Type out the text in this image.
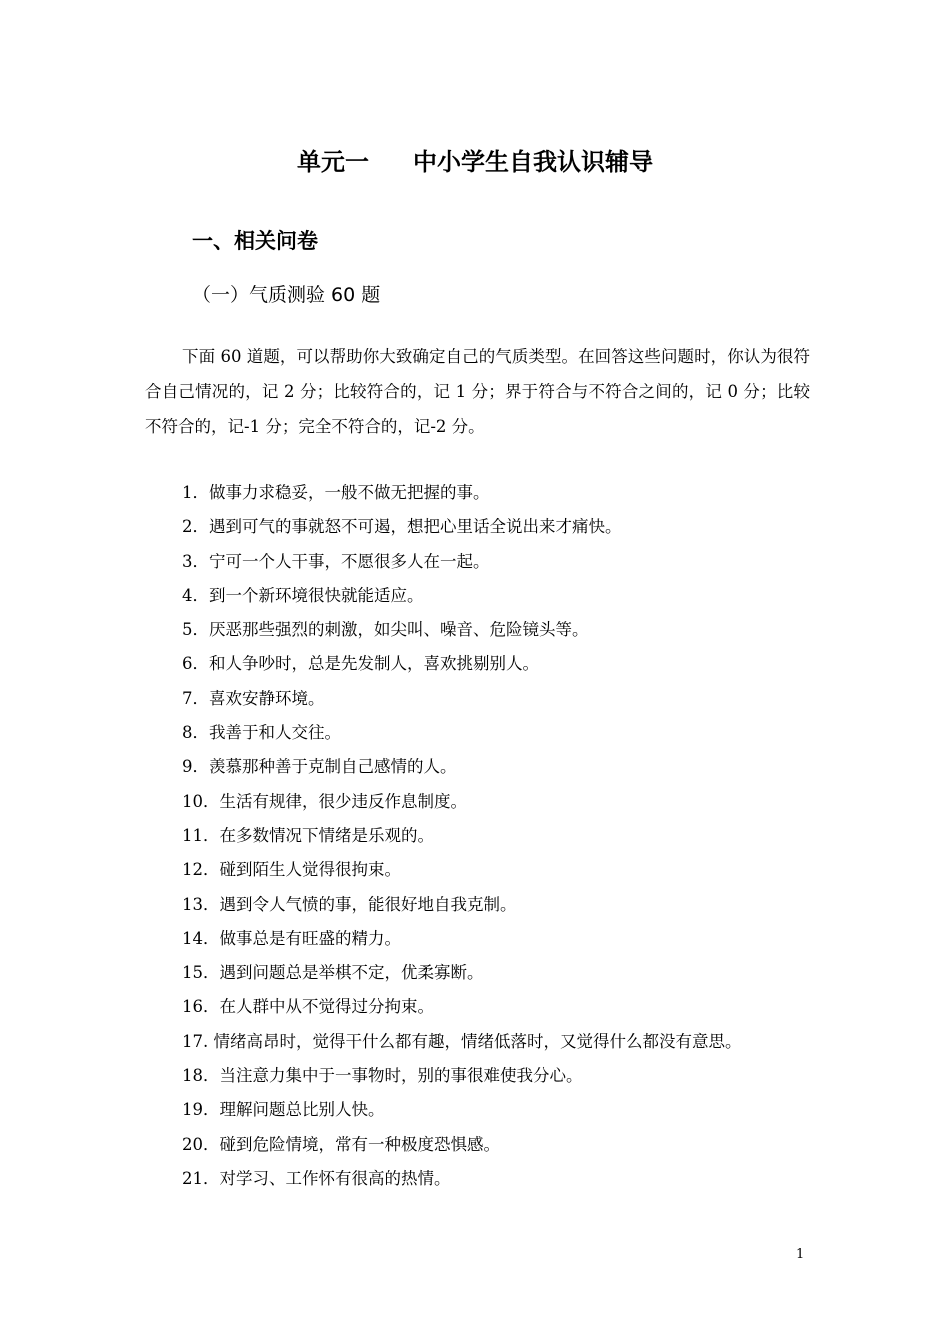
单元一 中小学生自我认识辅导
一、相关问卷
（一）气质测验 60 题

下面 60 道题，可以帮助你大致确定自己的气质类型。在回答这些问题时，你认为很符合自己情况的，记 2 分；比较符合的，记 1 分；界于符合与不符合之间的，记 0 分；比较不符合的，记-1 分；完全不符合的，记-2 分。

1．做事力求稳妥，一般不做无把握的事。
2．遇到可气的事就怒不可遏，想把心里话全说出来才痛快。
3．宁可一个人干事，不愿很多人在一起。
4．到一个新环境很快就能适应。
5．厌恶那些强烈的刺激，如尖叫、噪音、危险镜头等。
6．和人争吵时，总是先发制人，喜欢挑剔别人。
7．喜欢安静环境。
8．我善于和人交往。
9．羡慕那种善于克制自己感情的人。
10．生活有规律，很少违反作息制度。
11．在多数情况下情绪是乐观的。
12．碰到陌生人觉得很拘束。
13．遇到令人气愤的事，能很好地自我克制。
14．做事总是有旺盛的精力。
15．遇到问题总是举棋不定，优柔寡断。
16．在人群中从不觉得过分拘束。
17. 情绪高昂时，觉得干什么都有趣，情绪低落时，又觉得什么都没有意思。
18．当注意力集中于一事物时，别的事很难使我分心。
19．理解问题总比别人快。
20．碰到危险情境，常有一种极度恐惧感。
21．对学习、工作怀有很高的热情。
1
